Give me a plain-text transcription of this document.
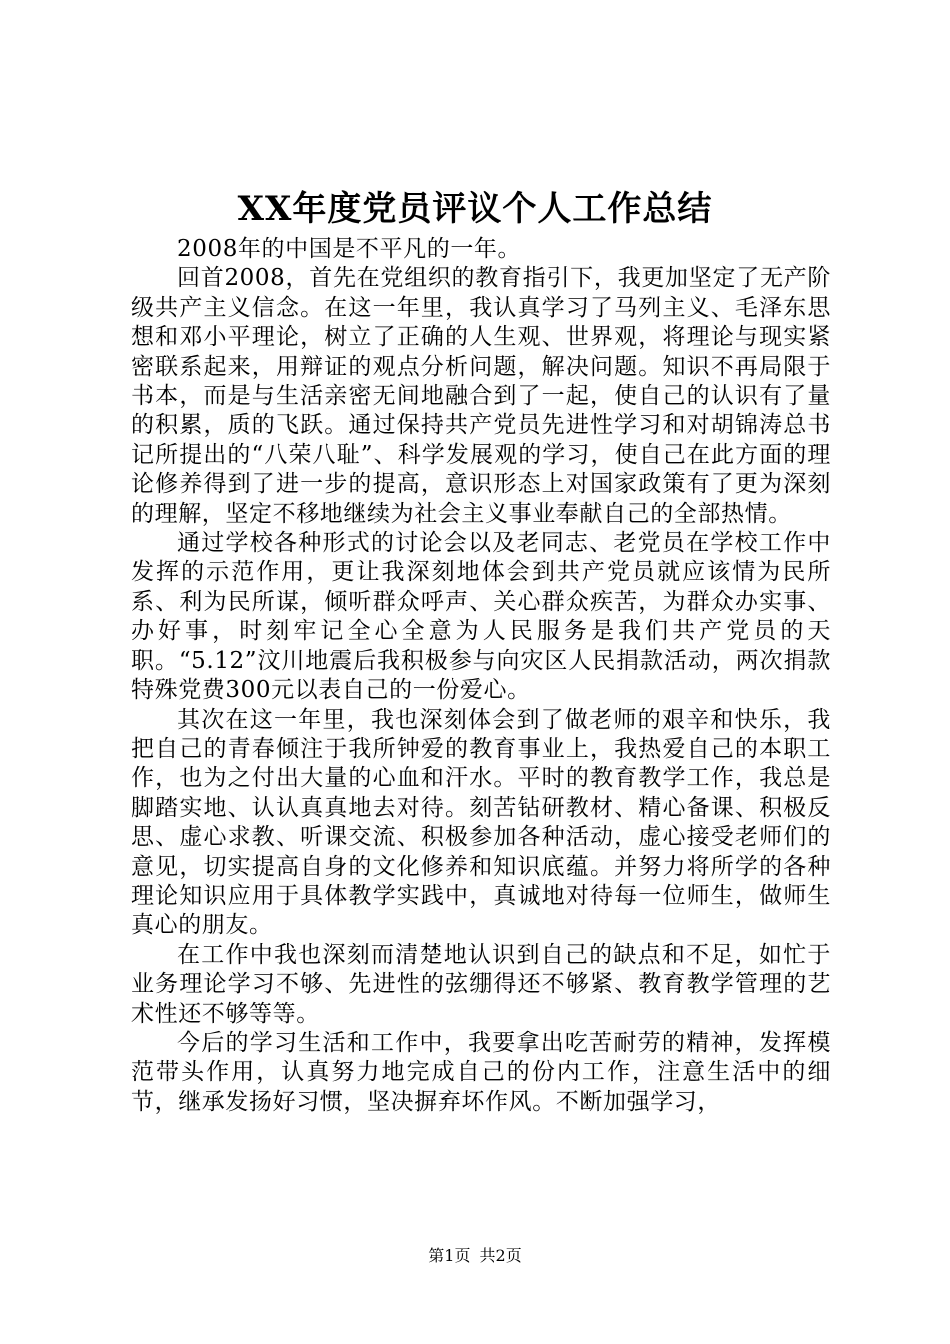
XX年度党员评议个人工作总结

2008年的中国是不平凡的一年。

回首2008，首先在党组织的教育指引下，我更加坚定了无产阶级共产主义信念。在这一年里，我认真学习了马列主义、毛泽东思想和邓小平理论，树立了正确的人生观、世界观，将理论与现实紧密联系起来，用辩证的观点分析问题，解决问题。知识不再局限于书本，而是与生活亲密无间地融合到了一起，使自己的认识有了量的积累，质的飞跃。通过保持共产党员先进性学习和对胡锦涛总书记所提出的“八荣八耻”、科学发展观的学习，使自己在此方面的理论修养得到了进一步的提高，意识形态上对国家政策有了更为深刻的理解，坚定不移地继续为社会主义事业奉献自己的全部热情。

通过学校各种形式的讨论会以及老同志、老党员在学校工作中发挥的示范作用，更让我深刻地体会到共产党员就应该情为民所系、利为民所谋，倾听群众呼声、关心群众疾苦，为群众办实事、办好事，时刻牢记全心全意为人民服务是我们共产党员的天职。“5.12”汶川地震后我积极参与向灾区人民捐款活动，两次捐款特殊党费300元以表自己的一份爱心。

其次在这一年里，我也深刻体会到了做老师的艰辛和快乐，我把自己的青春倾注于我所钟爱的教育事业上，我热爱自己的本职工作，也为之付出大量的心血和汗水。平时的教育教学工作，我总是脚踏实地、认认真真地去对待。刻苦钻研教材、精心备课、积极反思、虚心求教、听课交流、积极参加各种活动，虚心接受老师们的意见，切实提高自身的文化修养和知识底蕴。并努力将所学的各种理论知识应用于具体教学实践中，真诚地对待每一位师生，做师生真心的朋友。

在工作中我也深刻而清楚地认识到自己的缺点和不足，如忙于业务理论学习不够、先进性的弦绷得还不够紧、教育教学管理的艺术性还不够等等。

今后的学习生活和工作中，我要拿出吃苦耐劳的精神，发挥模范带头作用，认真努力地完成自己的份内工作，注意生活中的细节，继承发扬好习惯，坚决摒弃坏作风。不断加强学习，

第1页 共2页
